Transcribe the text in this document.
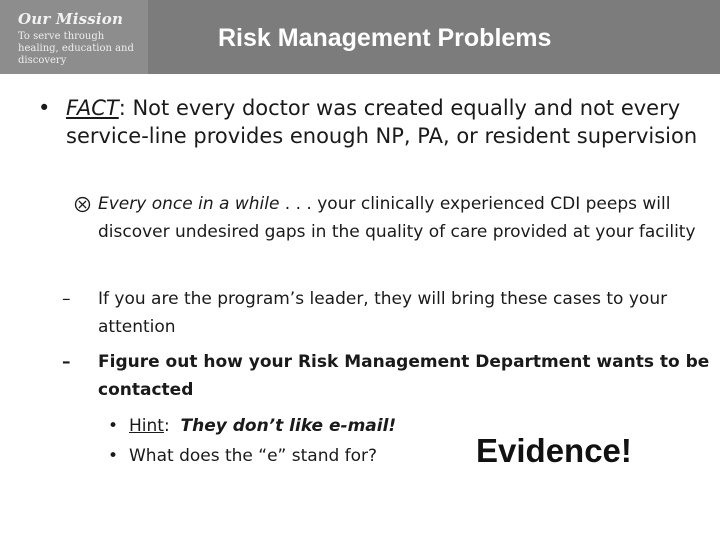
Our Mission
To serve through healing, education and discovery
Risk Management Problems
• FACT: Not every doctor was created equally and not every service-line provides enough NP, PA, or resident supervision
Every once in a while . . . your clinically experienced CDI peeps will discover undesired gaps in the quality of care provided at your facility
– If you are the program’s leader, they will bring these cases to your attention
– Figure out how your Risk Management Department wants to be contacted
• Hint: They don’t like e-mail!
• What does the “e” stand for?	Evidence!
